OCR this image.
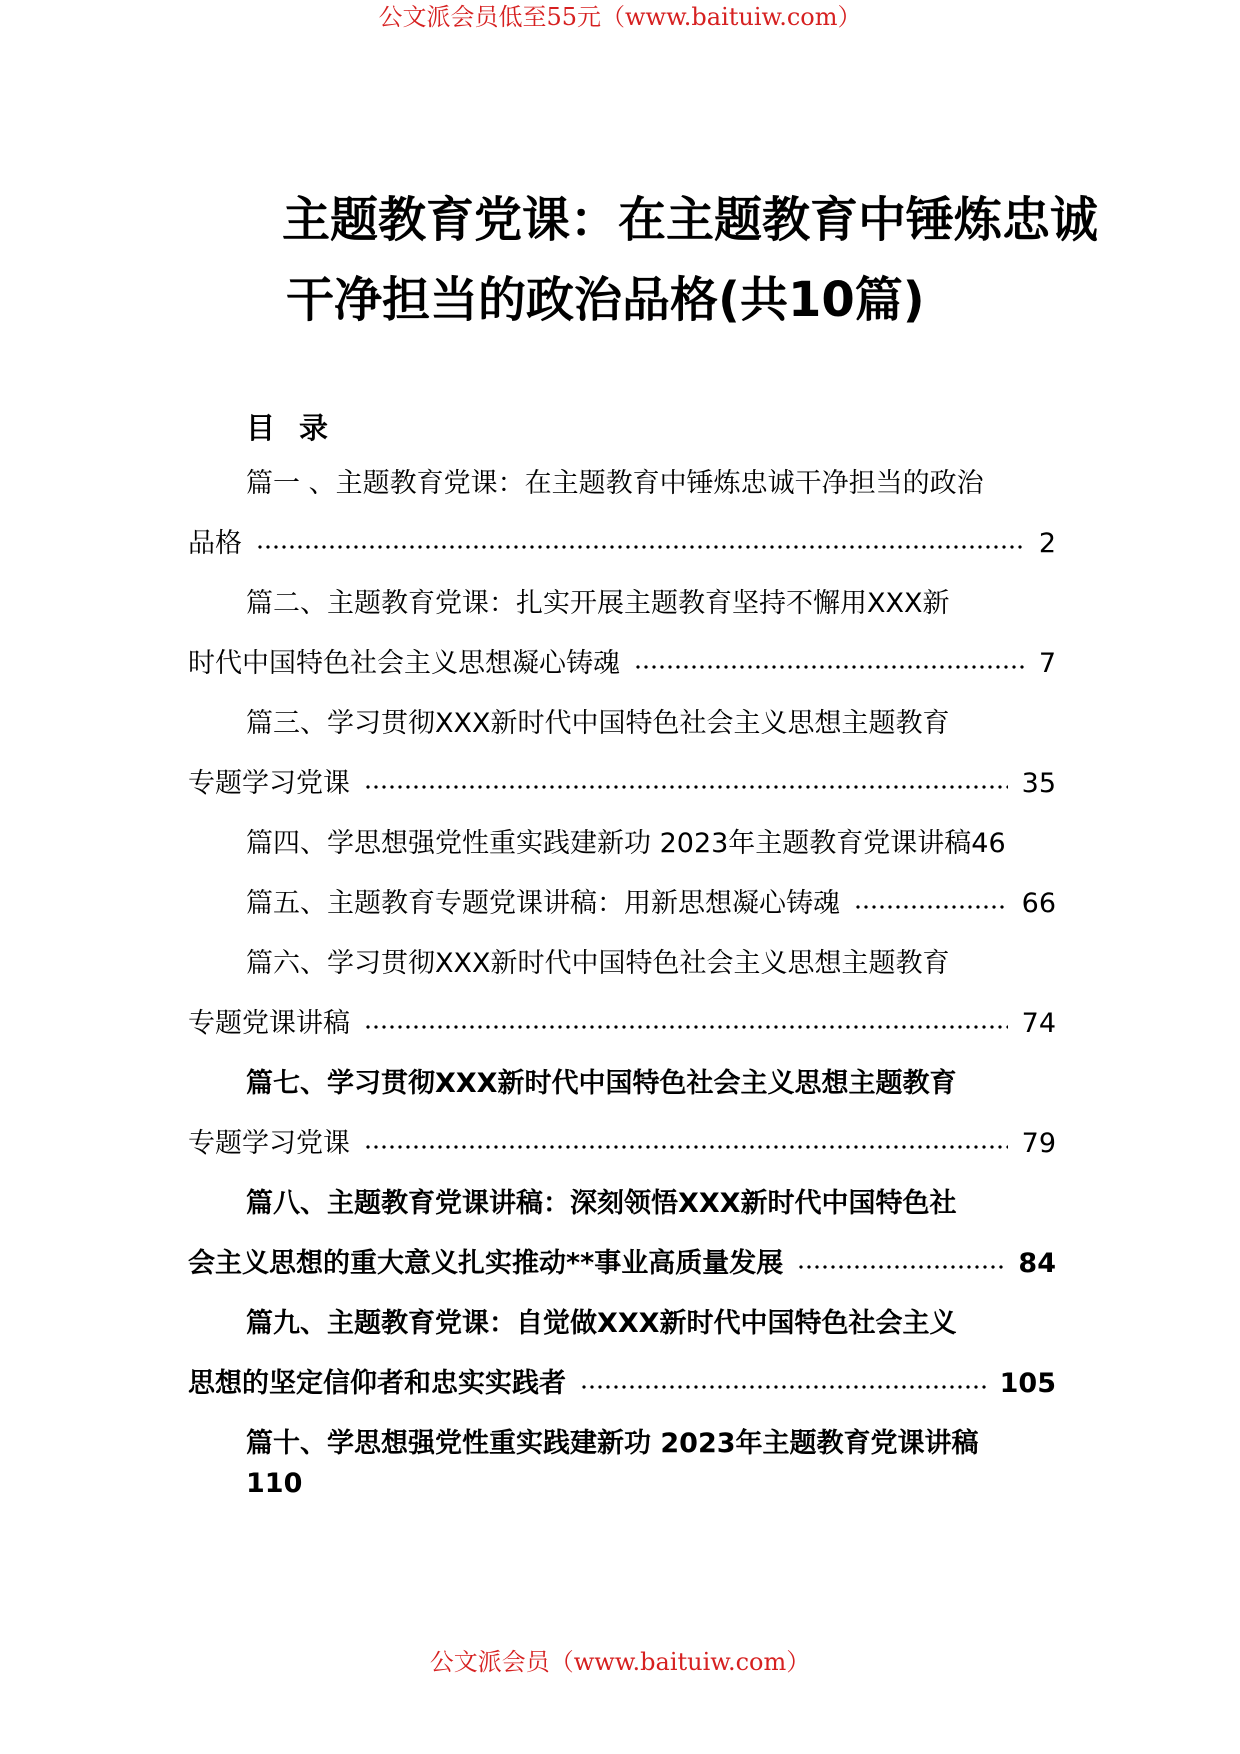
公文派会员低至55元（www.baituiw.com）
主题教育党课：在主题教育中锤炼忠诚
干净担当的政治品格(共10篇)
目录
篇一 、主题教育党课：在主题教育中锤炼忠诚干净担当的政治
品格	2
篇二、主题教育党课：扎实开展主题教育坚持不懈用XXX新
时代中国特色社会主义思想凝心铸魂	7
篇三、学习贯彻XXX新时代中国特色社会主义思想主题教育
专题学习党课	35
篇四、学思想强党性重实践建新功 2023年主题教育党课讲稿46
篇五、主题教育专题党课讲稿：用新思想凝心铸魂	66
篇六、学习贯彻XXX新时代中国特色社会主义思想主题教育
专题党课讲稿	74
篇七、学习贯彻XXX新时代中国特色社会主义思想主题教育
专题学习党课	79
篇八、主题教育党课讲稿：深刻领悟XXX新时代中国特色社
会主义思想的重大意义扎实推动**事业高质量发展	84
篇九、主题教育党课：自觉做XXX新时代中国特色社会主义
思想的坚定信仰者和忠实实践者	105
篇十、学思想强党性重实践建新功 2023年主题教育党课讲稿
110
公文派会员（www.baituiw.com）
